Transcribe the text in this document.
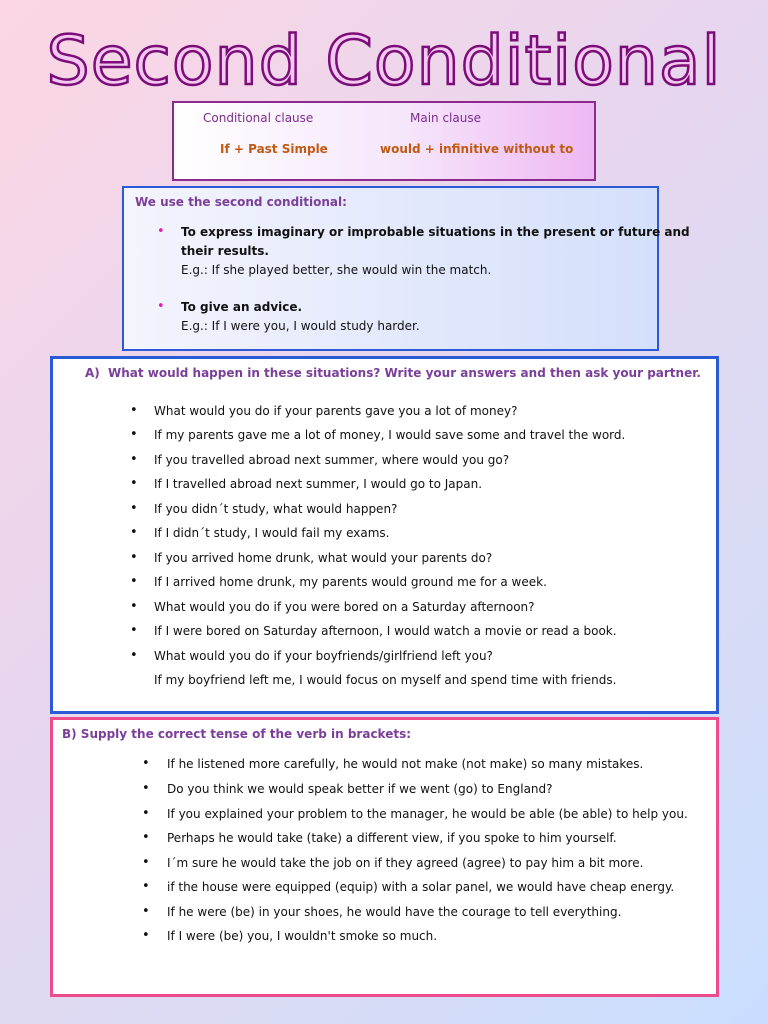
Second Conditional
Conditional clause	Main clause
If + Past Simple	would + infinitive without to
We use the second conditional:
• To express imaginary or improbable situations in the present or future and
their results.
E.g.: If she played better, she would win the match.
• To give an advice.
E.g.: If I were you, I would study harder.
A) What would happen in these situations? Write your answers and then ask your partner.
• What would you do if your parents gave you a lot of money?
• If my parents gave me a lot of money, I would save some and travel the word.
• If you travelled abroad next summer, where would you go?
• If I travelled abroad next summer, I would go to Japan.
• If you didn´t study, what would happen?
• If I didn´t study, I would fail my exams.
• If you arrived home drunk, what would your parents do?
• If I arrived home drunk, my parents would ground me for a week.
• What would you do if you were bored on a Saturday afternoon?
• If I were bored on Saturday afternoon, I would watch a movie or read a book.
• What would you do if your boyfriends/girlfriend left you?
If my boyfriend left me, I would focus on myself and spend time with friends.
B) Supply the correct tense of the verb in brackets:
• If he listened more carefully, he would not make (not make) so many mistakes.
• Do you think we would speak better if we went (go) to England?
• If you explained your problem to the manager, he would be able (be able) to help you.
• Perhaps he would take (take) a different view, if you spoke to him yourself.
• I´m sure he would take the job on if they agreed (agree) to pay him a bit more.
• if the house were equipped (equip) with a solar panel, we would have cheap energy.
• If he were (be) in your shoes, he would have the courage to tell everything.
• If I were (be) you, I wouldn't smoke so much.
